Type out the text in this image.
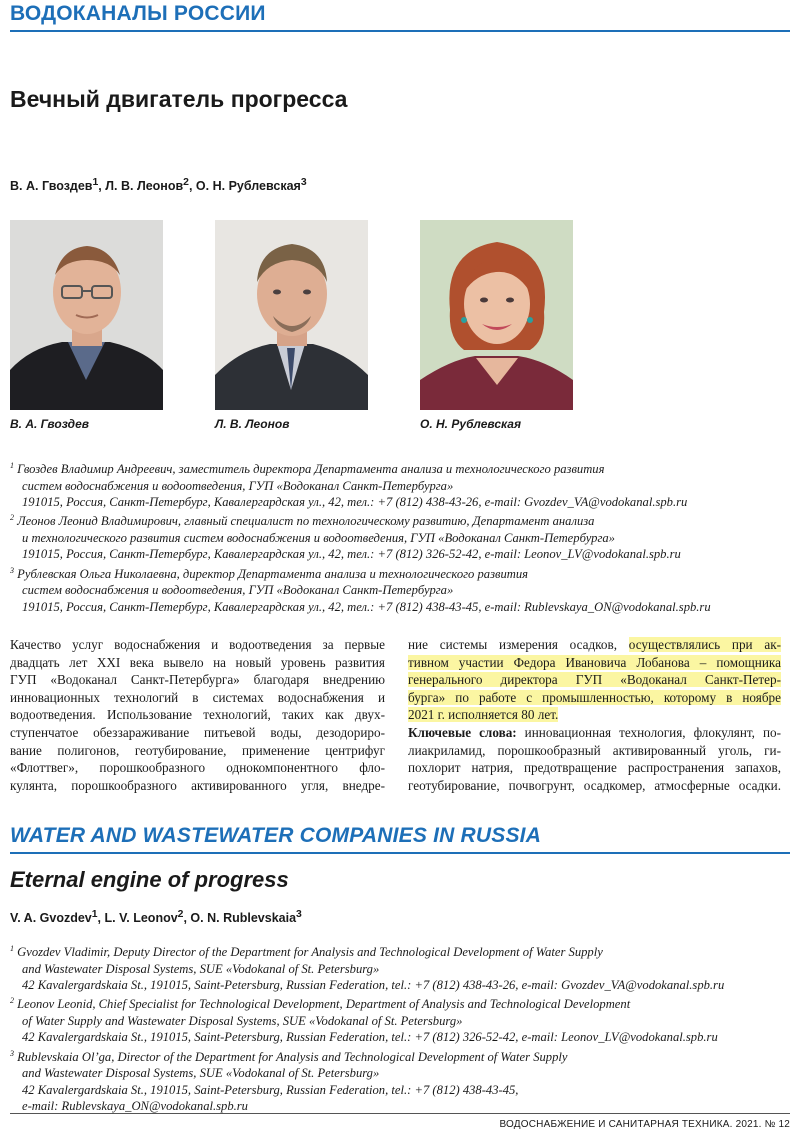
ВОДОКАНАЛЫ РОССИИ
Вечный двигатель прогресса
В. А. Гвоздев$^1$, Л. В. Леонов$^2$, О. Н. Рублевская$^3$
В. А. Гвоздев	Л. В. Леонов	О. Н. Рублевская
$^1$ Гвоздев Владимир Андреевич, заместитель директора Департамента анализа и технологического развития
систем водоснабжения и водоотведения, ГУП «Водоканал Санкт-Петербурга»
191015, Россия, Санкт-Петербург, Кавалергардская ул., 42, тел.: +7 (812) 438-43-26, e-mail: Gvozdev_VA@vodokanal.spb.ru
$^2$ Леонов Леонид Владимирович, главный специалист по технологическому развитию, Департамент анализа
и технологического развития систем водоснабжения и водоотведения, ГУП «Водоканал Санкт-Петербурга»
191015, Россия, Санкт-Петербург, Кавалергардская ул., 42, тел.: +7 (812) 326-52-42, e-mail: Leonov_LV@vodokanal.spb.ru
$^3$ Рублевская Ольга Николаевна, директор Департамента анализа и технологического развития
систем водоснабжения и водоотведения, ГУП «Водоканал Санкт-Петербурга»
191015, Россия, Санкт-Петербург, Кавалергардская ул., 42, тел.: +7 (812) 438-43-45, e-mail: Rublevskaya_ON@vodokanal.spb.ru
Качество услуг водоснабжения и водоотведения за первые
двадцать лет XXI века вывело на новый уровень развития
ГУП «Водоканал Санкт-Петербурга» благодаря внедрению
инновационных технологий в системах водоснабжения и
водоотведения. Использование технологий, таких как двух-
ступенчатое обеззараживание питьевой воды, дезодориро-
вание полигонов, геотубирование, применение центрифуг
«Флоттвег», порошкообразного однокомпонентного фло-
кулянта, порошкообразного активированного угля, внедре-
ние системы измерения осадков, осуществлялись при ак-
тивном участии Федора Ивановича Лобанова – помощника
генерального директора ГУП «Водоканал Санкт-Петер-
бурга» по работе с промышленностью, которому в ноябре
2021 г. исполняется 80 лет.
Ключевые слова: инновационная технология, флокулянт, по-
лиакриламид, порошкообразный активированный уголь, ги-
похлорит натрия, предотвращение распространения запахов,
геотубирование, почвогрунт, осадкомер, атмосферные осадки.
WATER AND WASTEWATER COMPANIES IN RUSSIA
Eternal engine of progress
V. A. Gvozdev$^1$, L. V. Leonov$^2$, O. N. Rublevskaia$^3$
$^1$ Gvozdev Vladimir, Deputy Director of the Department for Analysis and Technological Development of Water Supply
and Wastewater Disposal Systems, SUE «Vodokanal of St. Petersburg»
42 Kavalergardskaia St., 191015, Saint-Petersburg, Russian Federation, tel.: +7 (812) 438-43-26, e-mail: Gvozdev_VA@vodokanal.spb.ru
$^2$ Leonov Leonid, Chief Specialist for Technological Development, Department of Analysis and Technological Development
of Water Supply and Wastewater Disposal Systems, SUE «Vodokanal of St. Petersburg»
42 Kavalergardskaia St., 191015, Saint-Petersburg, Russian Federation, tel.: +7 (812) 326-52-42, e-mail: Leonov_LV@vodokanal.spb.ru
$^3$ Rublevskaia Ol’ga, Director of the Department for Analysis and Technological Development of Water Supply
and Wastewater Disposal Systems, SUE «Vodokanal of St. Petersburg»
42 Kavalergardskaia St., 191015, Saint-Petersburg, Russian Federation, tel.: +7 (812) 438-43-45,
e-mail: Rublevskaya_ON@vodokanal.spb.ru
ВОДОСНАБЖЕНИЕ И САНИТАРНАЯ ТЕХНИКА. 2021. № 12
